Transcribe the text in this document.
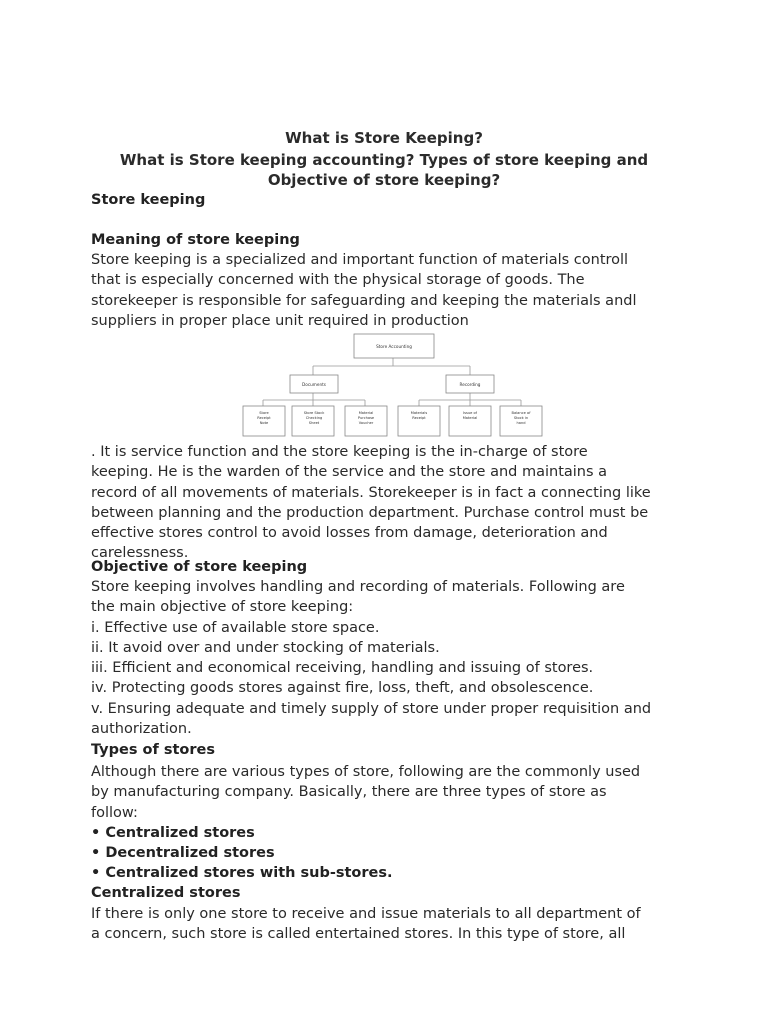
What is Store Keeping?
What is Store keeping accounting? Types of store keeping and
Objective of store keeping?
Store keeping
Meaning of store keeping
Store keeping is a specialized and important function of materials controll
that is especially concerned with the physical storage of goods. The
storekeeper is responsible for safeguarding and keeping the materials andl
suppliers in proper place unit required in production
Store Accounting
Documents	Recording
Store Receipt Note
Store Stock Checking Sheet
Material Purchase Voucher
Materials Receipt
Issue of Material
Balance of Stock in hand
. It is service function and the store keeping is the in-charge of store
keeping. He is the warden of the service and the store and maintains a
record of all movements of materials. Storekeeper is in fact a connecting like
between planning and the production department. Purchase control must be
effective stores control to avoid losses from damage, deterioration and
carelessness.
Objective of store keeping
Store keeping involves handling and recording of materials. Following are
the main objective of store keeping:
i. Effective use of available store space.
ii. It avoid over and under stocking of materials.
iii. Efficient and economical receiving, handling and issuing of stores.
iv. Protecting goods stores against fire, loss, theft, and obsolescence.
v. Ensuring adequate and timely supply of store under proper requisition and
authorization.
Types of stores
Although there are various types of store, following are the commonly used
by manufacturing company. Basically, there are three types of store as
follow:
• Centralized stores
• Decentralized stores
• Centralized stores with sub-stores.
Centralized stores
If there is only one store to receive and issue materials to all department of
a concern, such store is called entertained stores. In this type of store, all
